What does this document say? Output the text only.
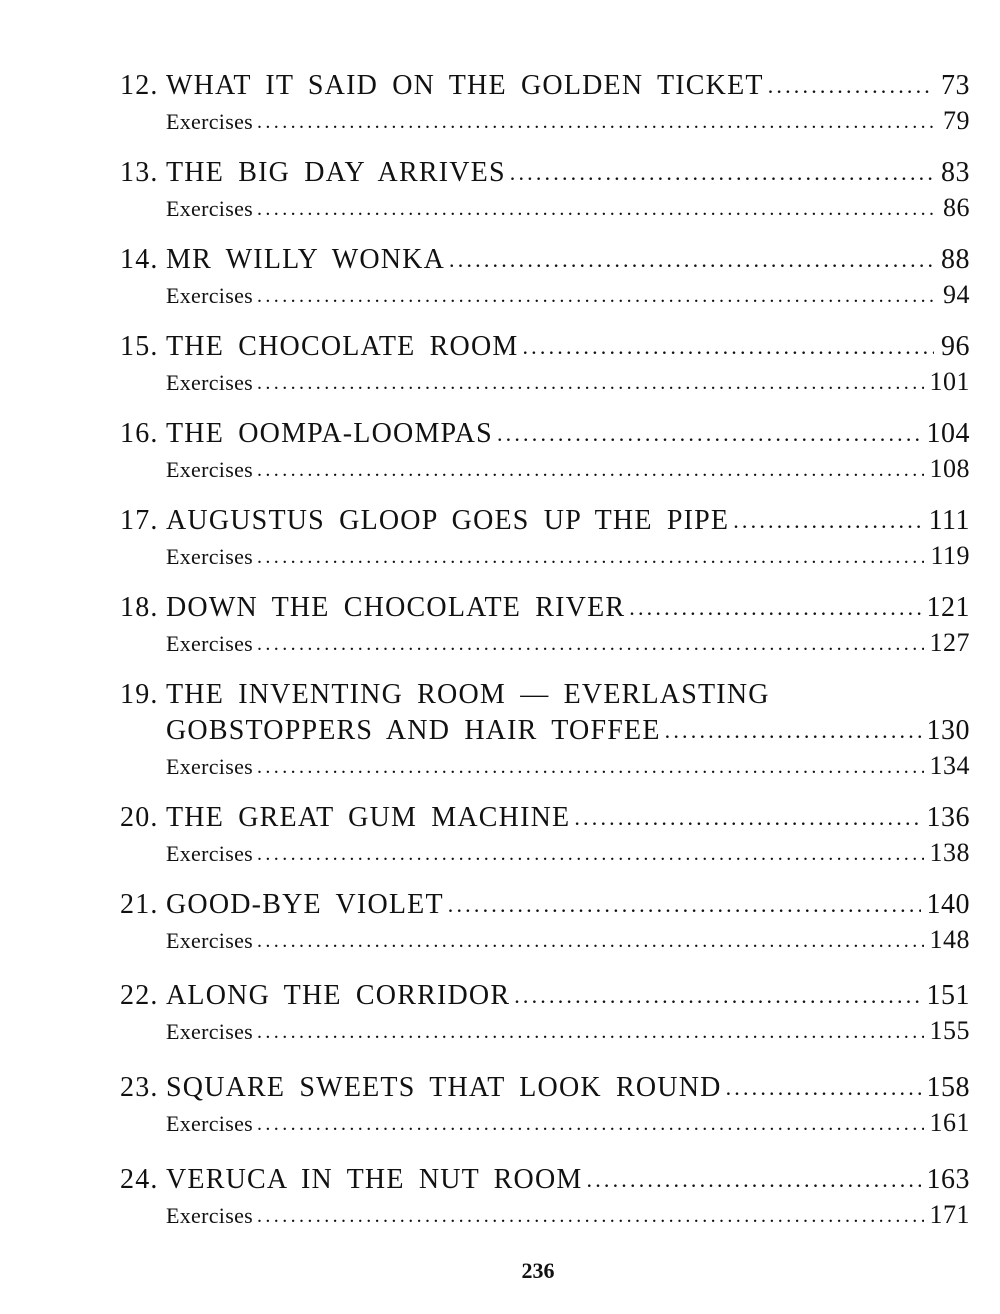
12. WHAT IT SAID ON THE GOLDEN TICKET .....	73
Exercises .....	79
13. THE BIG DAY ARRIVES .....	83
Exercises .....	86
14. MR WILLY WONKA .....	88
Exercises .....	94
15. THE CHOCOLATE ROOM .....	96
Exercises .....	101
16. THE OOMPA-LOOMPAS .....	104
Exercises .....	108
17. AUGUSTUS GLOOP GOES UP THE PIPE .....	111
Exercises .....	119
18. DOWN THE CHOCOLATE RIVER .....	121
Exercises .....	127
19. THE INVENTING ROOM — EVERLASTING
GOBSTOPPERS AND HAIR TOFFEE .....	130
Exercises .....	134
20. THE GREAT GUM MACHINE .....	136
Exercises .....	138
21. GOOD-BYE VIOLET .....	140
Exercises .....	148
22. ALONG THE CORRIDOR .....	151
Exercises .....	155
23. SQUARE SWEETS THAT LOOK ROUND .....	158
Exercises .....	161
24. VERUCA IN THE NUT ROOM .....	163
Exercises .....	171
236
